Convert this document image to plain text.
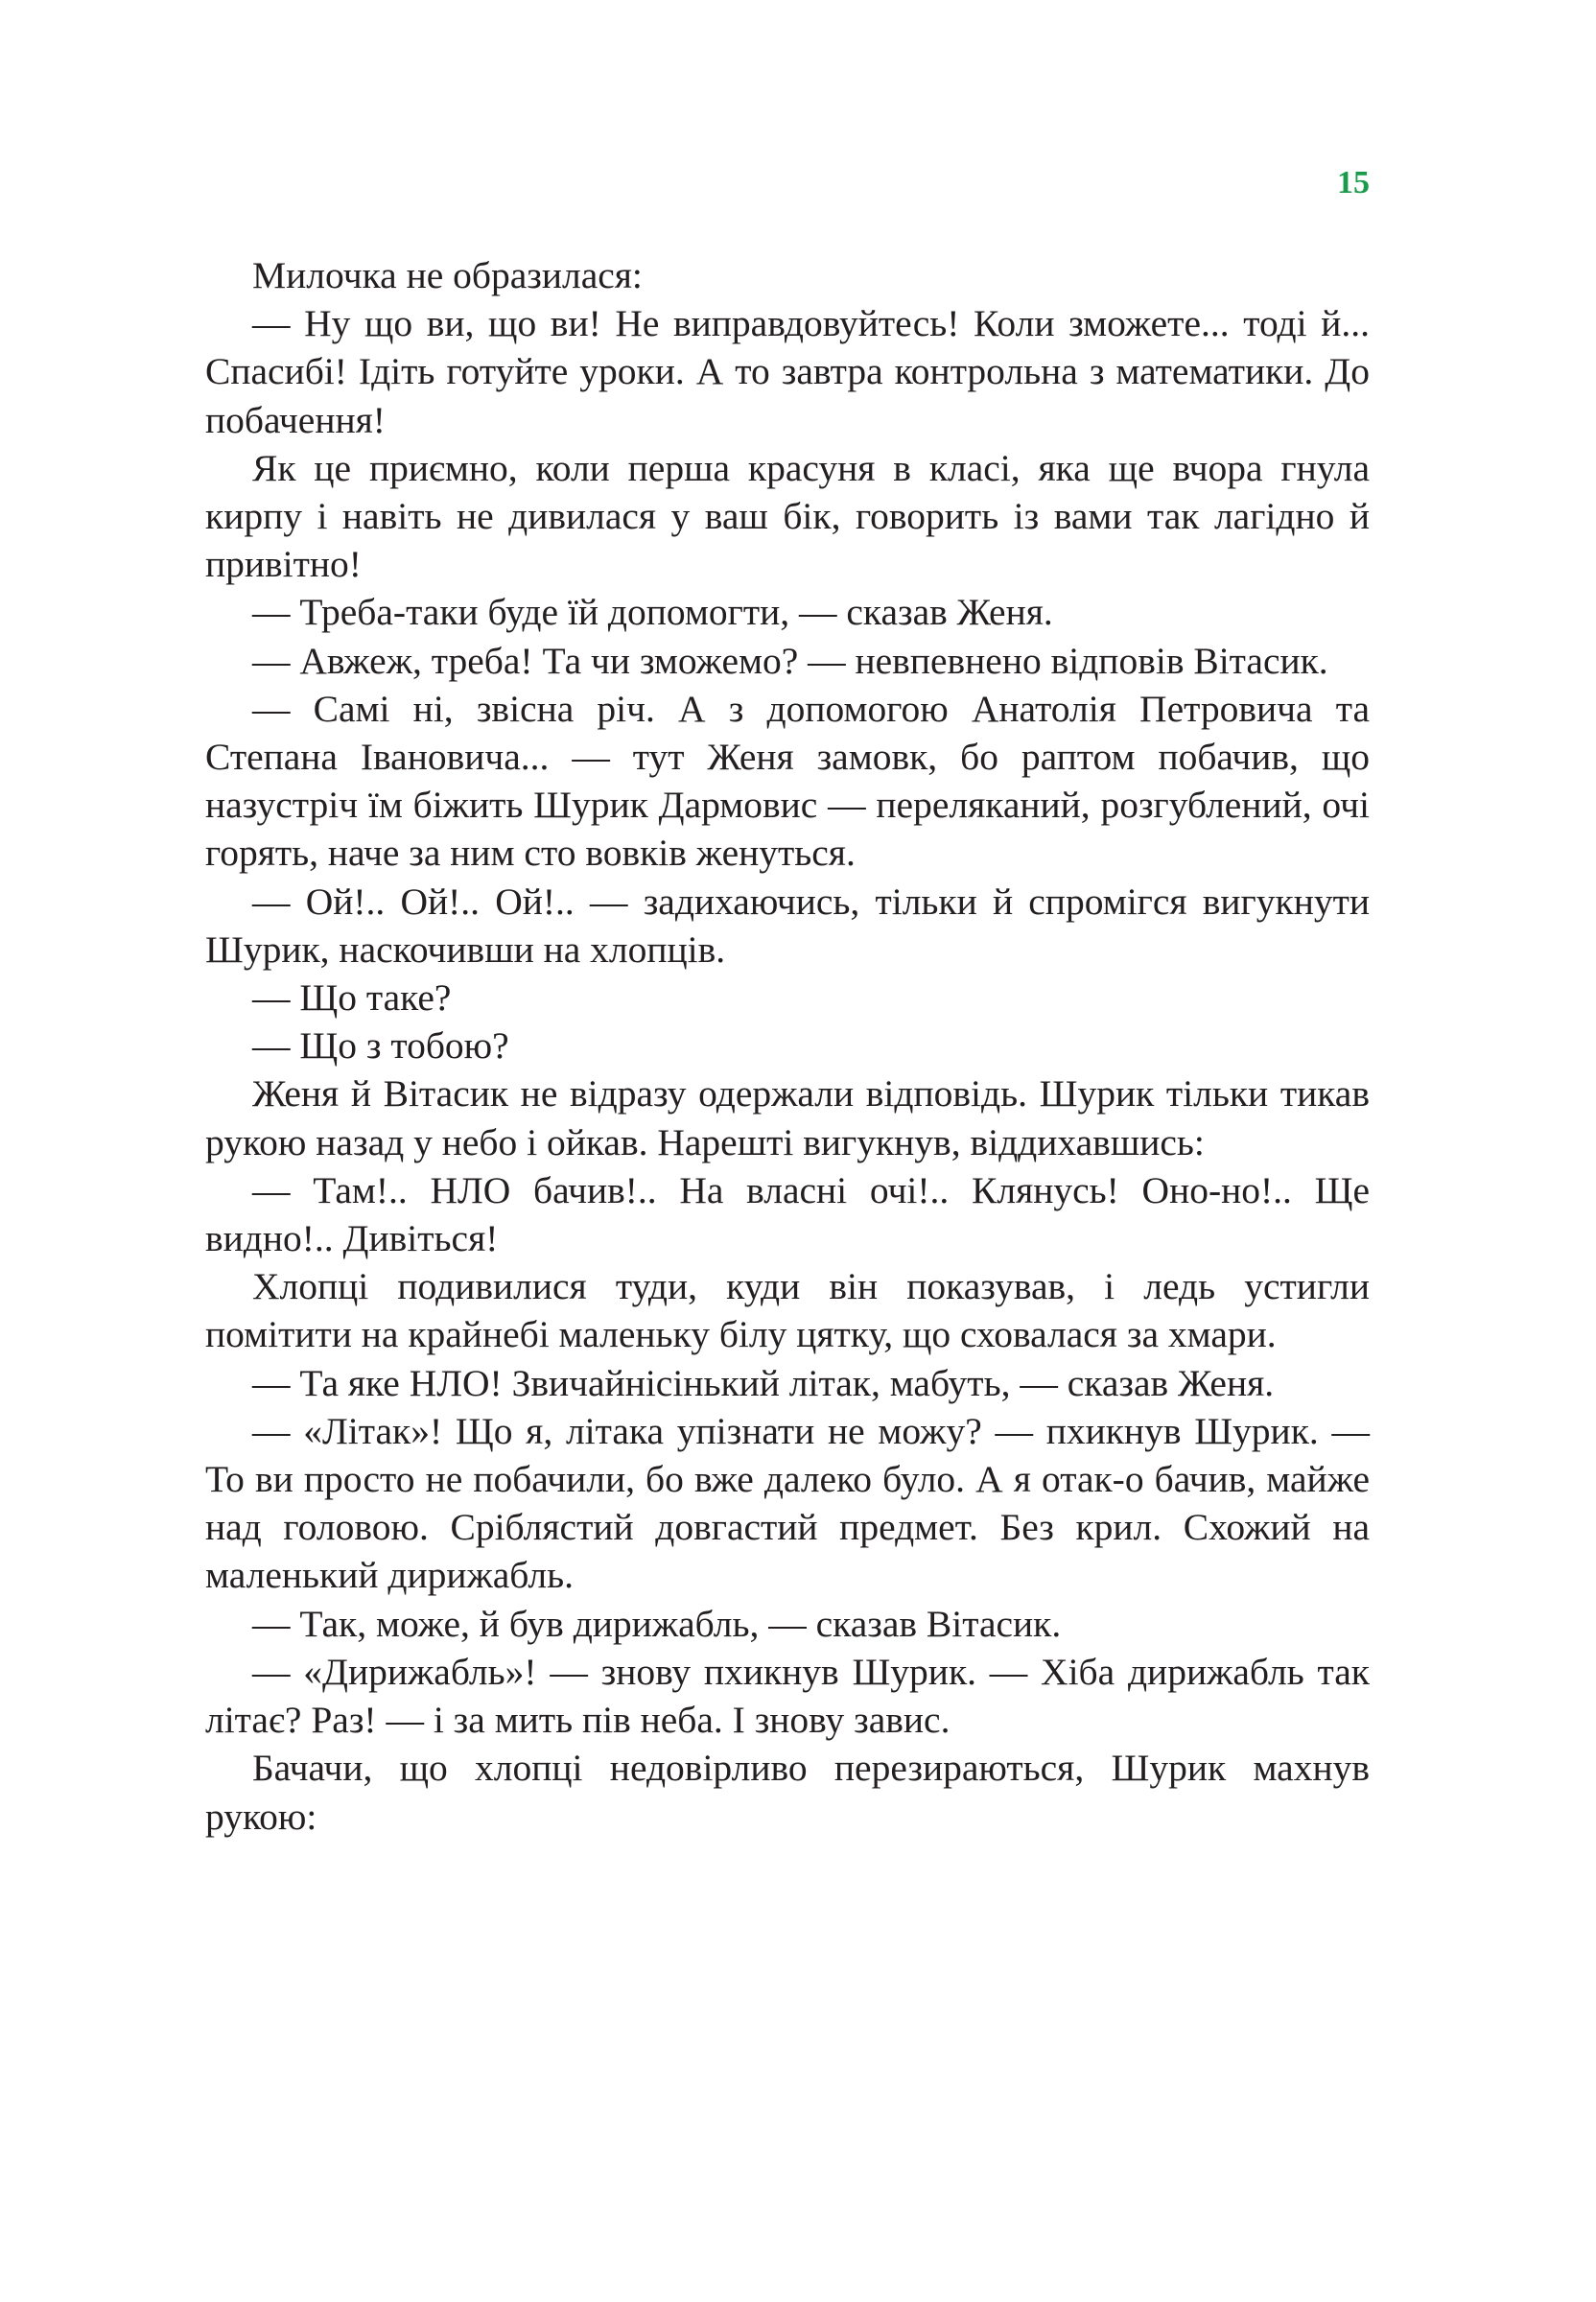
15

Милочка не образилася:

— Ну що ви, що ви! Не виправдовуйтесь! Коли зможете... тоді й... Спасибі! Ідіть готуйте уроки. А то завтра контрольна з математики. До побачення!

Як це приємно, коли перша красуня в класі, яка ще вчора гнула кирпу і навіть не дивилася у ваш бік, говорить із вами так лагідно й привітно!

— Треба-таки буде їй допомогти, — сказав Женя.

— Авжеж, треба! Та чи зможемо? — невпевнено відповів Вітасик.

— Самі ні, звісна річ. А з допомогою Анатолія Петровича та Степана Івановича... — тут Женя замовк, бо раптом побачив, що назустріч їм біжить Шурик Дармовис — переляканий, розгублений, очі горять, наче за ним сто вовків женуться.

— Ой!.. Ой!.. Ой!.. — задихаючись, тільки й спромігся вигукнути Шурик, наскочивши на хлопців.

— Що таке?

— Що з тобою?

Женя й Вітасик не відразу одержали відповідь. Шурик тільки тикав рукою назад у небо і ойкав. Нарешті вигукнув, віддихавшись:

— Там!.. НЛО бачив!.. На власні очі!.. Клянусь! Оно-но!.. Ще видно!.. Дивіться!

Хлопці подивилися туди, куди він показував, і ледь устигли помітити на крайнебі маленьку білу цятку, що сховалася за хмари.

— Та яке НЛО! Звичайнісінький літак, мабуть, — сказав Женя.

— «Літак»! Що я, літака упізнати не можу? — пхикнув Шурик. — То ви просто не побачили, бо вже далеко було. А я отак-о бачив, майже над головою. Сріблястий довгастий предмет. Без крил. Схожий на маленький дирижабль.

— Так, може, й був дирижабль, — сказав Вітасик.

— «Дирижабль»! — знову пхикнув Шурик. — Хіба дирижабль так літає? Раз! — і за мить пів неба. І знову завис.

Бачачи, що хлопці недовірливо перезираються, Шурик махнув рукою:
